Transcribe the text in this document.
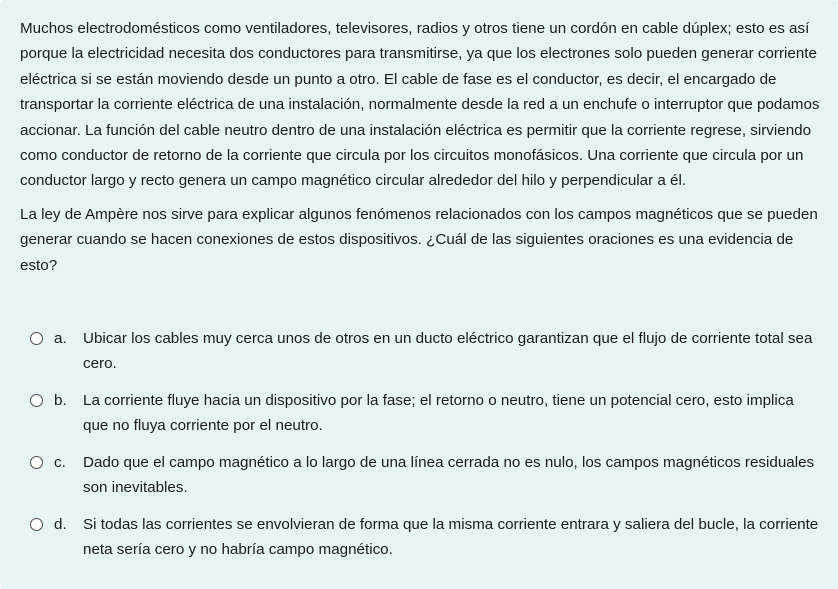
Muchos electrodomésticos como ventiladores, televisores, radios y otros tiene un cordón en cable dúplex; esto es así porque la electricidad necesita dos conductores para transmitirse, ya que los electrones solo pueden generar corriente eléctrica si se están moviendo desde un punto a otro. El cable de fase es el conductor, es decir, el encargado de transportar la corriente eléctrica de una instalación, normalmente desde la red a un enchufe o interruptor que podamos accionar. La función del cable neutro dentro de una instalación eléctrica es permitir que la corriente regrese, sirviendo como conductor de retorno de la corriente que circula por los circuitos monofásicos. Una corriente que circula por un conductor largo y recto genera un campo magnético circular alrededor del hilo y perpendicular a él.

La ley de Ampère nos sirve para explicar algunos fenómenos relacionados con los campos magnéticos que se pueden generar cuando se hacen conexiones de estos dispositivos. ¿Cuál de las siguientes oraciones es una evidencia de esto?

a. Ubicar los cables muy cerca unos de otros en un ducto eléctrico garantizan que el flujo de corriente total sea cero.
b. La corriente fluye hacia un dispositivo por la fase; el retorno o neutro, tiene un potencial cero, esto implica que no fluya corriente por el neutro.
c. Dado que el campo magnético a lo largo de una línea cerrada no es nulo, los campos magnéticos residuales son inevitables.
d. Si todas las corrientes se envolvieran de forma que la misma corriente entrara y saliera del bucle, la corriente neta sería cero y no habría campo magnético.
